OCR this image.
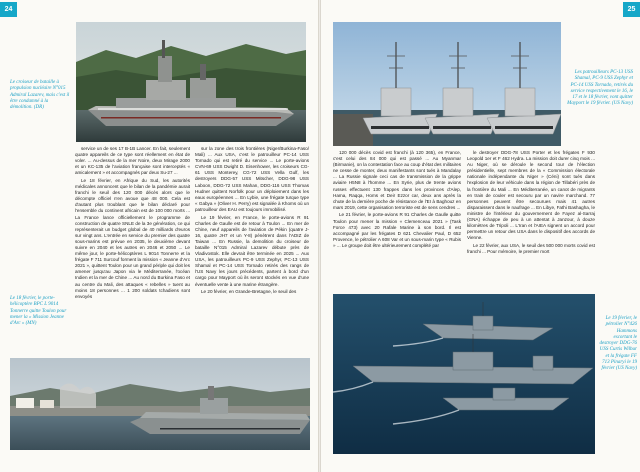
24
Le croiseur de bataille à propulsion nucléaire N°015 Admiral Lazarev, mais c'est il être condamné à la démolition. (DR)

service un de ses 17 B-1B Lancer. En fait, seulement quatre appareils de ce type sont réellement en état de voler. ... Au-dessus de la mer Noire, deux Mirage 2000 et un KC-135 de l'aviation française sont interceptés « amicalement » et accompagnés par deux Su-27 ...

Le 18 février, en Afrique du Sud, les autorités médicales annoncent que le bilan de la pandémie aurait franchi le seuil des 120 000 décès alors que le décompte officiel n'en avoue que 48 000. Cela est d'autant plus troublant que le bilan déclaré pour l'ensemble du continent africain est de 100 000 morts ... La France lance officiellement le programme de construction de quatre SNLE de la 3e génération, ce qui représenterait un budget global de 40 milliards d'euros sur vingt ans. L'entrée en service du premier des quatre sous-marins est prévue en 2035, le deuxième devant suivre en 2040 et les autres en 2046 et 2050 ... Le même jour, le porte-hélicoptères L 9014 Tonnerre et la frégate F 711 Surcouf forment la mission « Jeanne d'Arc 2021 », quittent Toulon pour un grand périple qui doit les amener jusqu'au Japon via le Méditerranée, l'océan Indien et la mer de Chine ... Au nord du Burkina Faso et au centre du Mali, des attaques « rebelles » tuent au moins 18 personnes ... 1 200 soldats tchadiens sont envoyés

sur la zone des trois frontières (Niger/Burkina-Faso/ Mali) ... Aux USA, c'est le patrouilleur PC-14 USS Tornado qui est retiré du service ... Le porte-avions CVN-69 USS Dwight D. Eisenhower, les croiseurs CG-61 USS Monterey, CG-72 USS Vella Gulf, les destroyers DDG-57 USS Mitscher, DDG-98 USS Laboon, DDG-72 USS Mahan, DDG-116 USS Thomas Hudner quittent Norfolk pour un déploiement dans les eaux européennes ... En Lybie, une frégate turque type « Gabya » (Oliver H. Perry) est signalée à Khoms où un patrouilleur des EAU est toujours immobilisé.

Le 19 février, en France, le porte-avions R 91 Charles de Gaulle est de retour à Toulon ... En mer de Chine, neuf appareils de l'aviation de Pékin (quatre J-16, quatre JH7 et un Y-8) pénètrent dans l'ADIZ de Taiwan ... En Russie, la demolition du croiseur de bataille N°015 Admiral Lazarev débute près de Vladivostok. Elle devrait être terminée en 2025 ... Aux USA, les patrouilleurs PC-9 USS Zephyr, PC-13 USS Shamal et PC-14 USS Tornado retirés des rangs de l'US Navy les jours précédents, partent à bord d'un cargo pour Mayport où ils seront stockés en vue d'une éventuelle vente à une marine étrangère.

Le 20 février, en Grande-Bretagne, le seuil des

Le 18 février, le porte-hélicoptère BPC L 9014 Tonnerre quitte Toulon pour mener la « Mission Jeanne d'Arc » (MN)
25
Les patrouilleurs PC-13 USS Shamal, PC-9 USS Zephyr et PC-14 USS Tornado, retirés du service respectivement le 16, le 17 et le 18 février, vont quitter Mayport le 19 février. (US Navy)

120 000 décès covid est franchi (à 120 365), en France, c'est celui des 84 000 qui est passé ... Au Myanmar (Birmanie), on la contestation face au coup d'état des militaires ne cesse de monter, deux manifestants sont tués à Mandalay ... La Russie signale ceci cas de transmission de la grippe aviaire H5N8 à l'homme ... En Syrie, plus de trente avions russes effectuent 130 frappes dans les provinces d'Alep, Hama, Raqqa, Homs et Deir Ezzor car, deux ans après la chute de la dernière poche de résistance de l'EI à Baghouz en mars 2019, cette organisation terroriste est de sens cendres ...

Le 21 février, le porte-avions R 91 Charles de Gaulle quitte Toulon pour mener la mission « Clemenceau 2021 » (Task Force 473) avec 20 Rafale Marine à son bord. Il est accompagné par les frégates D 621 Chevalier Paul, D 652 Provence, le pétrolier A 608 Var et un sous-marin type « Rubis » ... Le groupe doit être ultérieurement complété par

le destroyer DDG-78 USS Porter et les frégates F 930 Leopold 1er et F 462 Hydra. La mission doit durer cinq mois ... Au Niger, où se déroule le second tour de l'élection présidentielle, sept membres de la « Commission électorale nationale indépendante du Niger » (Céni) sont tués dans l'explosion de leur véhicule dans la région de Tillabéri près de la frontière du Mali ... En Méditerranée, un canot de migrants en train de couler est secouru par un navire marchand. 77 personnes peuvent être secourues mais 41 autres disparaissent dans le naufrage ... En Libye, Fathi Bashagha, le ministre de l'intérieur du gouvernement de Fayez al-Sarraj (GNA) échappe de peu à un attentat à Janzour, à douze kilomètres de Tripoli ... L'Iran et l'AIEA signent un accord pour permettre un retour des USA dans le dispositif des accords de Vienne.

Le 22 février, aux USA, le seuil des 500 000 morts covid est franchi ... Pour mémoire, le premier mort

Le 19 février, le pétrolier N°426 Hammons escortant le destroyer DDG-76 USS Curtis Wilbur et la frégate FF 713 Pinaryi le 19 février (US Navy)
